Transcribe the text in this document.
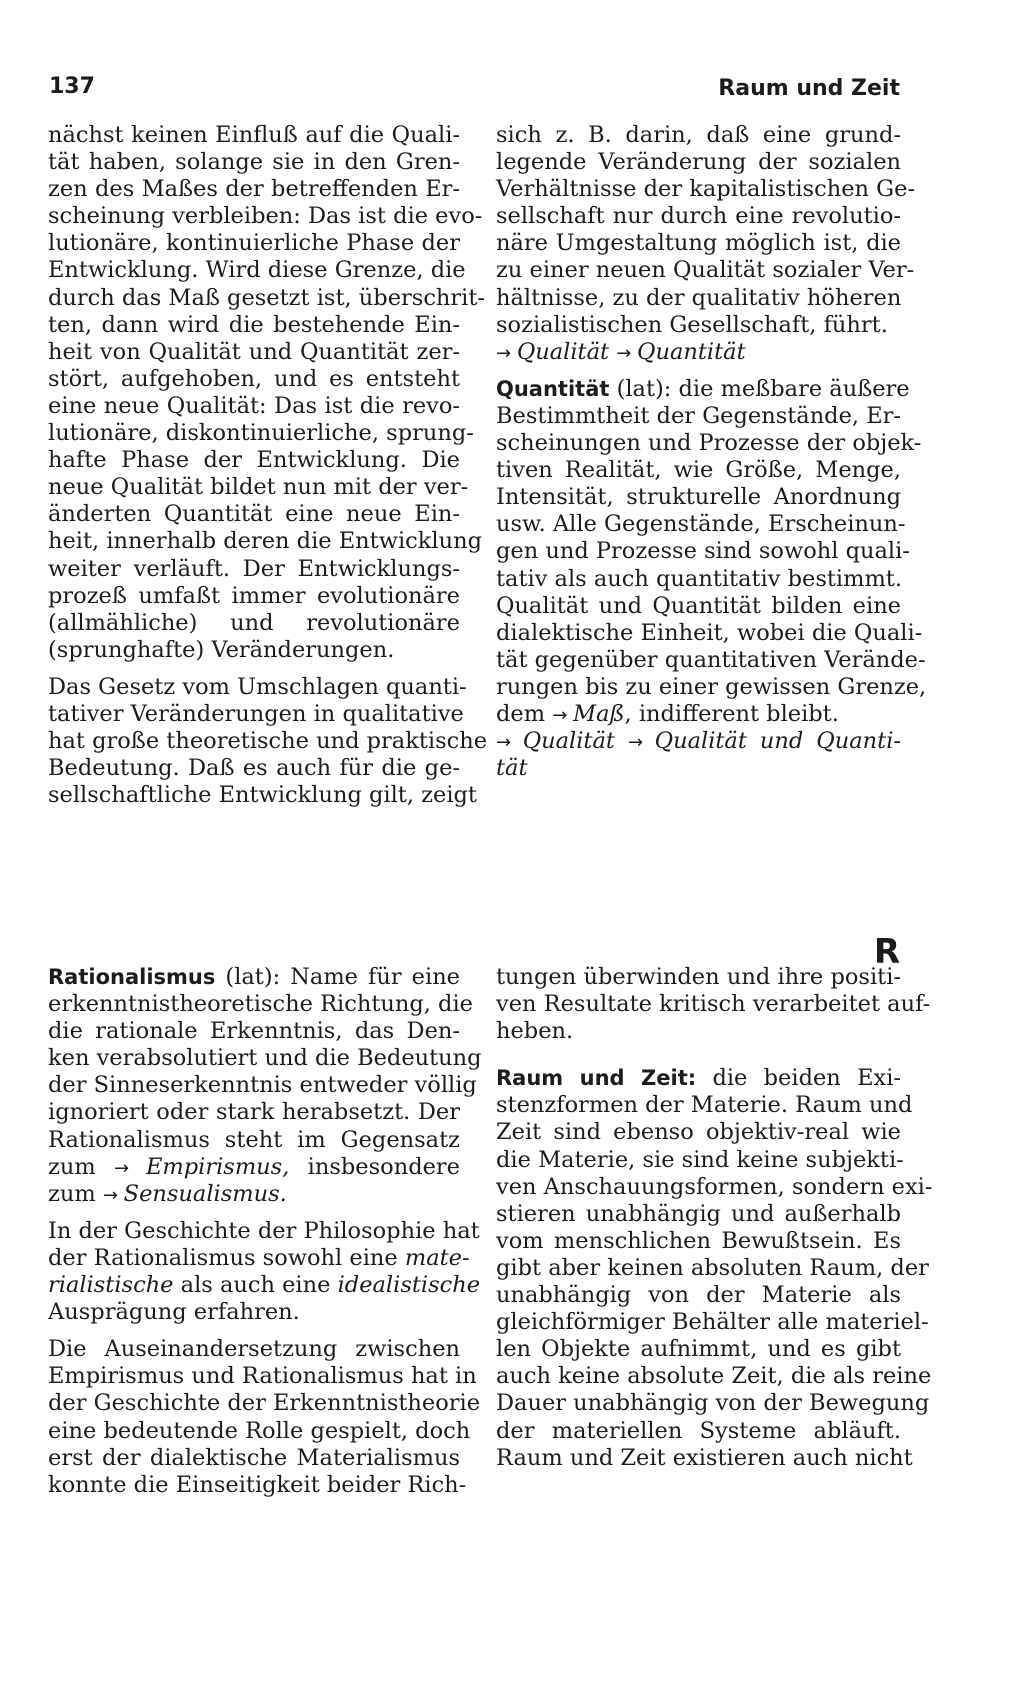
137	Raum und Zeit
nächst keinen Einfluß auf die Quali-
tät haben, solange sie in den Gren-
zen des Maßes der betreffenden Er-
scheinung verbleiben: Das ist die evo-
lutionäre, kontinuierliche Phase der
Entwicklung. Wird diese Grenze, die
durch das Maß gesetzt ist, überschrit-
ten, dann wird die bestehende Ein-
heit von Qualität und Quantität zer-
stört, aufgehoben, und es entsteht
eine neue Qualität: Das ist die revo-
lutionäre, diskontinuierliche, sprung-
hafte Phase der Entwicklung. Die
neue Qualität bildet nun mit der ver-
änderten Quantität eine neue Ein-
heit, innerhalb deren die Entwicklung
weiter verläuft. Der Entwicklungs-
prozeß umfaßt immer evolutionäre
(allmähliche) und revolutionäre
(sprunghafte) Veränderungen.
Das Gesetz vom Umschlagen quanti-
tativer Veränderungen in qualitative
hat große theoretische und praktische
Bedeutung. Daß es auch für die ge-
sellschaftliche Entwicklung gilt, zeigt
sich z. B. darin, daß eine grund-
legende Veränderung der sozialen
Verhältnisse der kapitalistischen Ge-
sellschaft nur durch eine revolutio-
näre Umgestaltung möglich ist, die
zu einer neuen Qualität sozialer Ver-
hältnisse, zu der qualitativ höheren
sozialistischen Gesellschaft, führt.
→ Qualität → Quantität
Quantität (lat): die meßbare äußere
Bestimmtheit der Gegenstände, Er-
scheinungen und Prozesse der objek-
tiven Realität, wie Größe, Menge,
Intensität, strukturelle Anordnung
usw. Alle Gegenstände, Erscheinun-
gen und Prozesse sind sowohl quali-
tativ als auch quantitativ bestimmt.
Qualität und Quantität bilden eine
dialektische Einheit, wobei die Quali-
tät gegenüber quantitativen Verände-
rungen bis zu einer gewissen Grenze,
dem → Maß, indifferent bleibt.
→ Qualität → Qualität und Quanti-
tät
R
Rationalismus (lat): Name für eine
erkenntnistheoretische Richtung, die
die rationale Erkenntnis, das Den-
ken verabsolutiert und die Bedeutung
der Sinneserkenntnis entweder völlig
ignoriert oder stark herabsetzt. Der
Rationalismus steht im Gegensatz
zum → Empirismus, insbesondere
zum → Sensualismus.
In der Geschichte der Philosophie hat
der Rationalismus sowohl eine mate-
rialistische als auch eine idealistische
Ausprägung erfahren.
Die Auseinandersetzung zwischen
Empirismus und Rationalismus hat in
der Geschichte der Erkenntnistheorie
eine bedeutende Rolle gespielt, doch
erst der dialektische Materialismus
konnte die Einseitigkeit beider Rich-
tungen überwinden und ihre positi-
ven Resultate kritisch verarbeitet auf-
heben.
Raum und Zeit: die beiden Exi-
stenzformen der Materie. Raum und
Zeit sind ebenso objektiv-real wie
die Materie, sie sind keine subjekti-
ven Anschauungsformen, sondern exi-
stieren unabhängig und außerhalb
vom menschlichen Bewußtsein. Es
gibt aber keinen absoluten Raum, der
unabhängig von der Materie als
gleichförmiger Behälter alle materiel-
len Objekte aufnimmt, und es gibt
auch keine absolute Zeit, die als reine
Dauer unabhängig von der Bewegung
der materiellen Systeme abläuft.
Raum und Zeit existieren auch nicht
